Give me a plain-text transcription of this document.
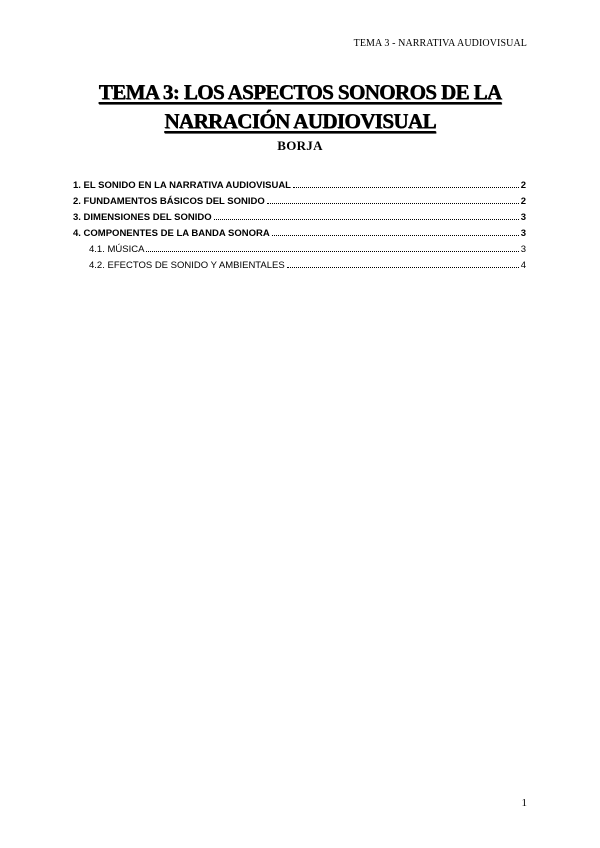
TEMA 3 - NARRATIVA AUDIOVISUAL
TEMA 3: LOS ASPECTOS SONOROS DE LA
NARRACIÓN AUDIOVISUAL
BORJA
1. EL SONIDO EN LA NARRATIVA AUDIOVISUAL	2
2. FUNDAMENTOS BÁSICOS DEL SONIDO	2
3. DIMENSIONES DEL SONIDO	3
4. COMPONENTES DE LA BANDA SONORA	3
4.1. MÚSICA	3
4.2. EFECTOS DE SONIDO Y AMBIENTALES	4
1
